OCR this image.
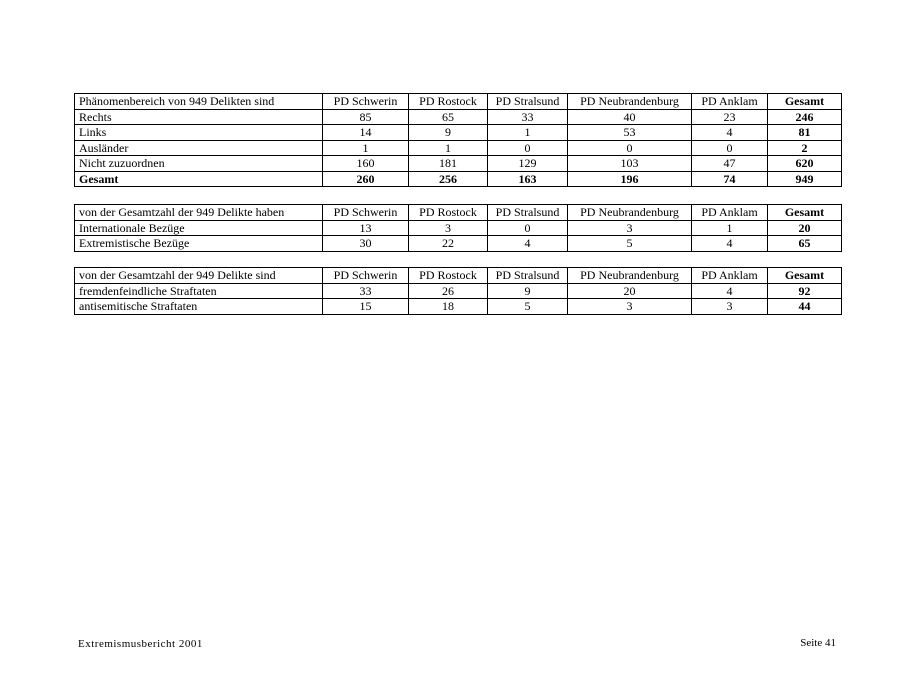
Phänomenbereich von 949 Delikten sind	PD Schwerin	PD Rostock	PD Stralsund	PD Neubrandenburg	PD Anklam	Gesamt
Rechts	85	65	33	40	23	246
Links	14	9	1	53	4	81
Ausländer	1	1	0	0	0	2
Nicht zuzuordnen	160	181	129	103	47	620
Gesamt	260	256	163	196	74	949
von der Gesamtzahl der 949 Delikte haben	PD Schwerin	PD Rostock	PD Stralsund	PD Neubrandenburg	PD Anklam	Gesamt
Internationale Bezüge	13	3	0	3	1	20
Extremistische Bezüge	30	22	4	5	4	65
von der Gesamtzahl der 949 Delikte sind	PD Schwerin	PD Rostock	PD Stralsund	PD Neubrandenburg	PD Anklam	Gesamt
fremdenfeindliche Straftaten	33	26	9	20	4	92
antisemitische Straftaten	15	18	5	3	3	44
Extremismusbericht 2001	Seite 41
